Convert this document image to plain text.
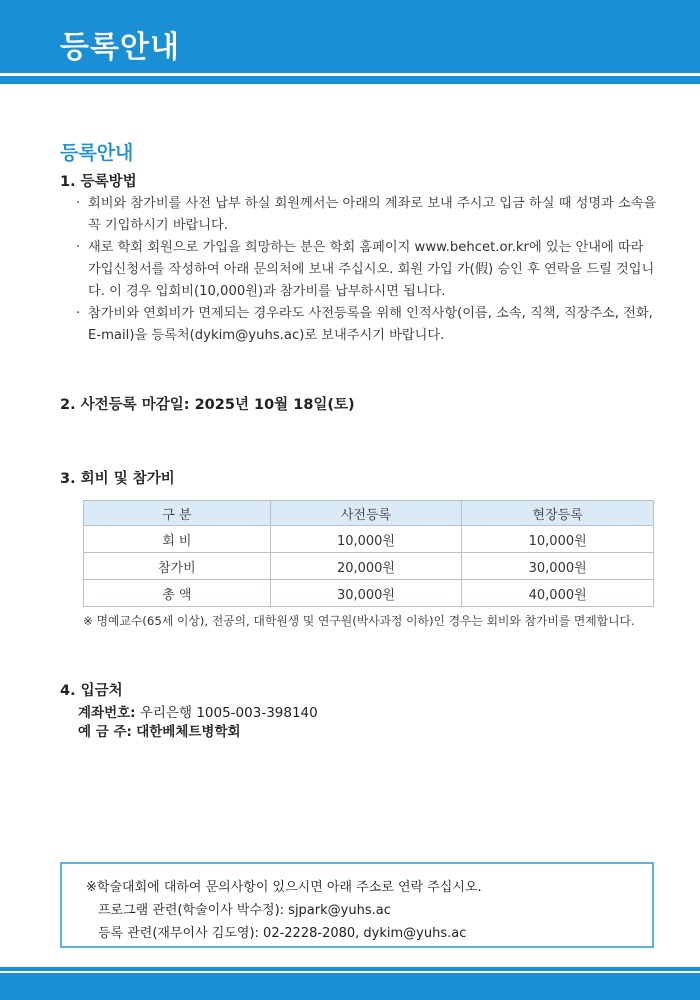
등록안내
등록안내
1. 등록방법
· 회비와 참가비를 사전 납부 하실 회원께서는 아래의 계좌로 보내 주시고 입금 하실 때 성명과 소속을 꼭 기입하시기 바랍니다.
· 새로 학회 회원으로 가입을 희망하는 분은 학회 홈페이지 www.behcet.or.kr에 있는 안내에 따라 가입신청서를 작성하여 아래 문의처에 보내 주십시오. 회원 가입 가(假) 승인 후 연락을 드릴 것입니다. 이 경우 입회비(10,000원)과 참가비를 납부하시면 됩니다.
· 참가비와 연회비가 면제되는 경우라도 사전등록을 위해 인적사항(이름, 소속, 직책, 직장주소, 전화, E-mail)을 등록처(dykim@yuhs.ac)로 보내주시기 바랍니다.
2. 사전등록 마감일: 2025년 10월 18일(토)
3. 회비 및 참가비
구 분	사전등록	현장등록
회 비	10,000원	10,000원
참가비	20,000원	30,000원
총 액	30,000원	40,000원
※ 명예교수(65세 이상), 전공의, 대학원생 및 연구원(박사과정 이하)인 경우는 회비와 참가비를 면제합니다.
4. 입금처
계좌번호: 우리은행 1005-003-398140
예 금 주: 대한베체트병학회
※학술대회에 대하여 문의사항이 있으시면 아래 주소로 연락 주십시오.
프로그램 관련(학술이사 박수정): sjpark@yuhs.ac
등록 관련(재무이사 김도영): 02-2228-2080, dykim@yuhs.ac
